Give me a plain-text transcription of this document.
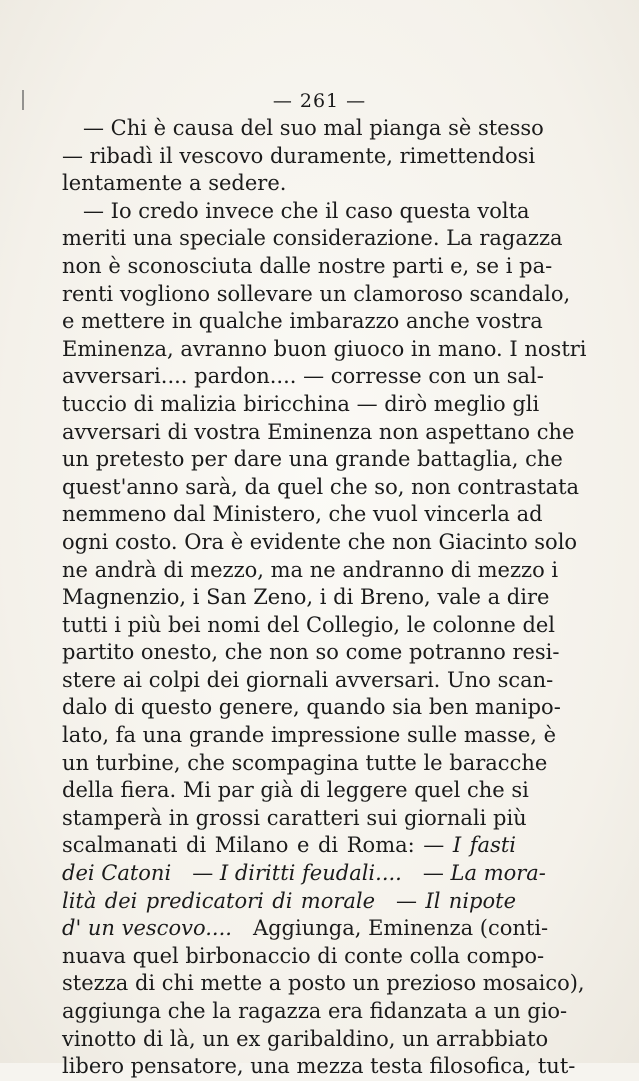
— 261 —
 — Chi è causa del suo mal pianga sè stesso
— ribadì il vescovo duramente, rimettendosi
lentamente a sedere.
 — Io credo invece che il caso questa volta
meriti una speciale considerazione. La ragazza
non è sconosciuta dalle nostre parti e, se i pa-
renti vogliono sollevare un clamoroso scandalo,
e mettere in qualche imbarazzo anche vostra
Eminenza, avranno buon giuoco in mano. I nostri
avversari.... pardon.... — corresse con un sal-
tuccio di malizia biricchina — dirò meglio gli
avversari di vostra Eminenza non aspettano che
un pretesto per dare una grande battaglia, che
quest'anno sarà, da quel che so, non contrastata
nemmeno dal Ministero, che vuol vincerla ad
ogni costo. Ora è evidente che non Giacinto solo
ne andrà di mezzo, ma ne andranno di mezzo i
Magnenzio, i San Zeno, i di Breno, vale a dire
tutti i più bei nomi del Collegio, le colonne del
partito onesto, che non so come potranno resi-
stere ai colpi dei giornali avversari. Uno scan-
dalo di questo genere, quando sia ben manipo-
lato, fa una grande impressione sulle masse, è
un turbine, che scompagina tutte le baracche
della fiera. Mi par già di leggere quel che si
stamperà in grossi caratteri sui giornali più
scalmanati di Milano e di Roma: — I fasti
dei Catoni — I diritti feudali.... — La mora-
lità dei predicatori di morale — Il nipote
d' un vescovo.... Aggiunga, Eminenza (conti-
nuava quel birbonaccio di conte colla compo-
stezza di chi mette a posto un prezioso mosaico),
aggiunga che la ragazza era fidanzata a un gio-
vinotto di là, un ex garibaldino, un arrabbiato
libero pensatore, una mezza testa filosofica, tut-
